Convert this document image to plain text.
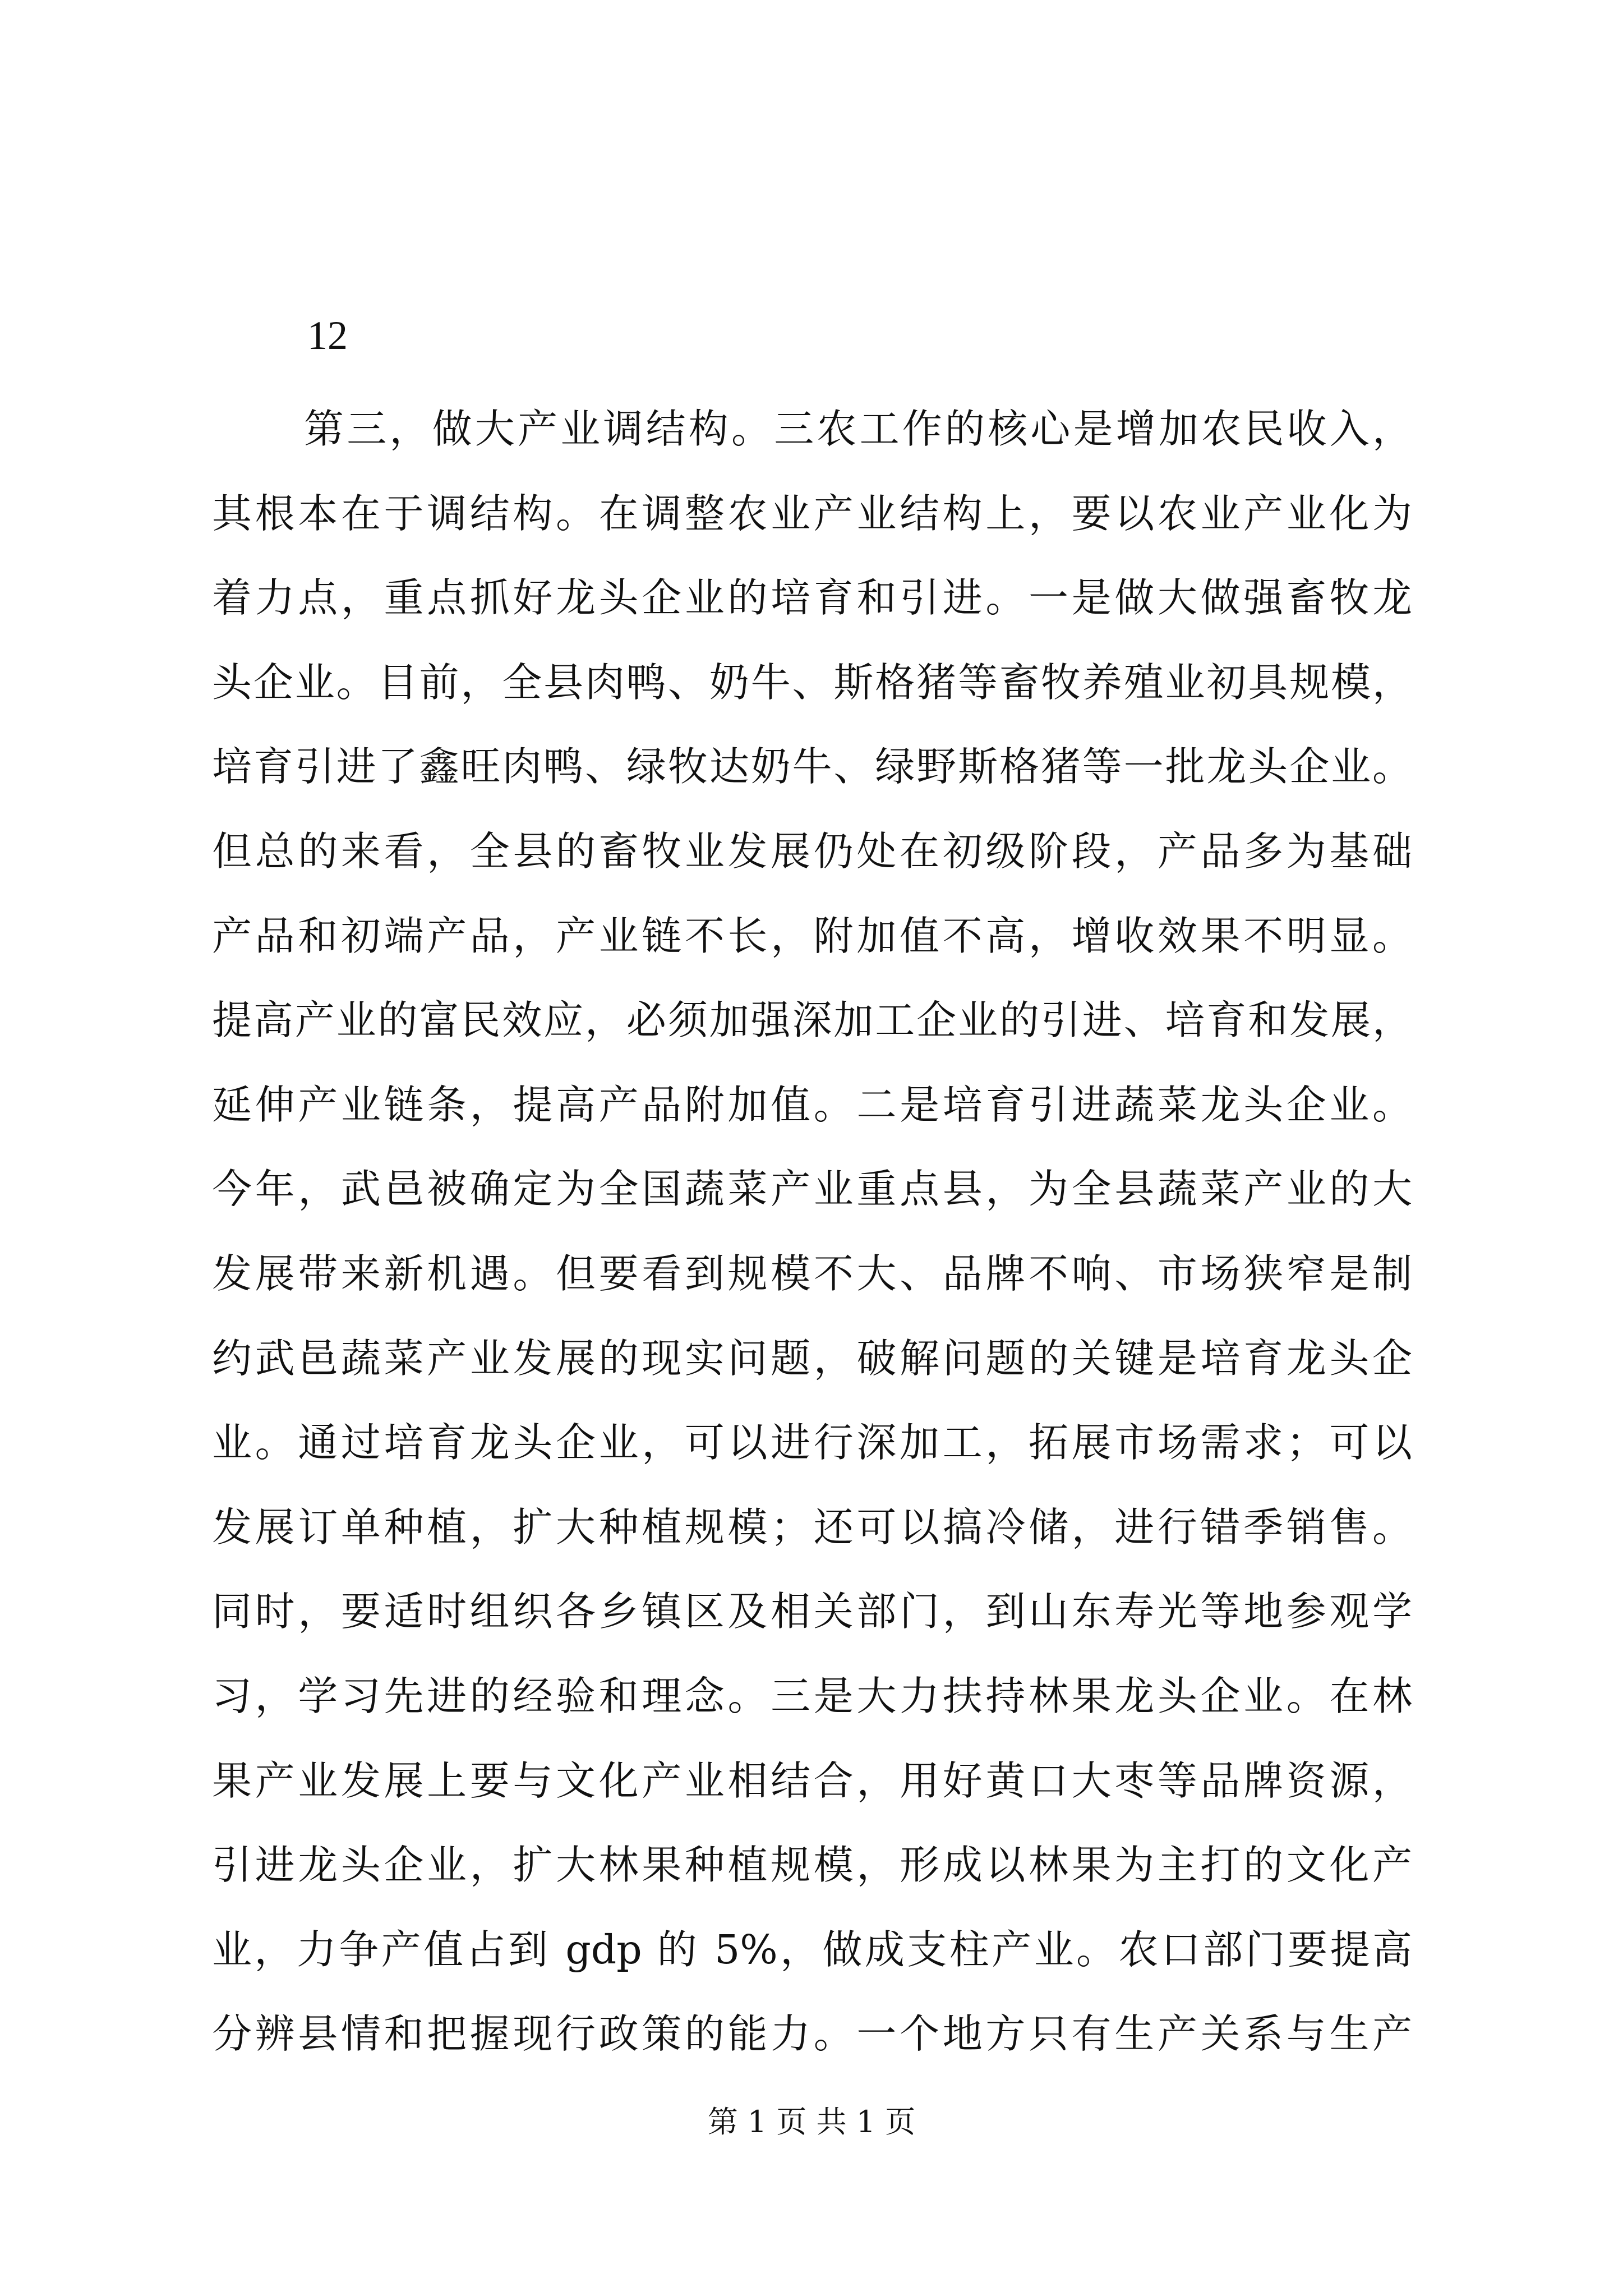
12
第三，做大产业调结构。三农工作的核心是增加农民收入，
其根本在于调结构。在调整农业产业结构上，要以农业产业化为
着力点，重点抓好龙头企业的培育和引进。一是做大做强畜牧龙
头企业。目前，全县肉鸭、奶牛、斯格猪等畜牧养殖业初具规模，
培育引进了鑫旺肉鸭、绿牧达奶牛、绿野斯格猪等一批龙头企业。
但总的来看，全县的畜牧业发展仍处在初级阶段，产品多为基础
产品和初端产品，产业链不长，附加值不高，增收效果不明显。
提高产业的富民效应，必须加强深加工企业的引进、培育和发展，
延伸产业链条，提高产品附加值。二是培育引进蔬菜龙头企业。
今年，武邑被确定为全国蔬菜产业重点县，为全县蔬菜产业的大
发展带来新机遇。但要看到规模不大、品牌不响、市场狭窄是制
约武邑蔬菜产业发展的现实问题，破解问题的关键是培育龙头企
业。通过培育龙头企业，可以进行深加工，拓展市场需求；可以
发展订单种植，扩大种植规模；还可以搞冷储，进行错季销售。
同时，要适时组织各乡镇区及相关部门，到山东寿光等地参观学
习，学习先进的经验和理念。三是大力扶持林果龙头企业。在林
果产业发展上要与文化产业相结合，用好黄口大枣等品牌资源，
引进龙头企业，扩大林果种植规模，形成以林果为主打的文化产
业，力争产值占到 gdp 的 5%，做成支柱产业。农口部门要提高
分辨县情和把握现行政策的能力。一个地方只有生产关系与生产
第 1 页 共 1 页
